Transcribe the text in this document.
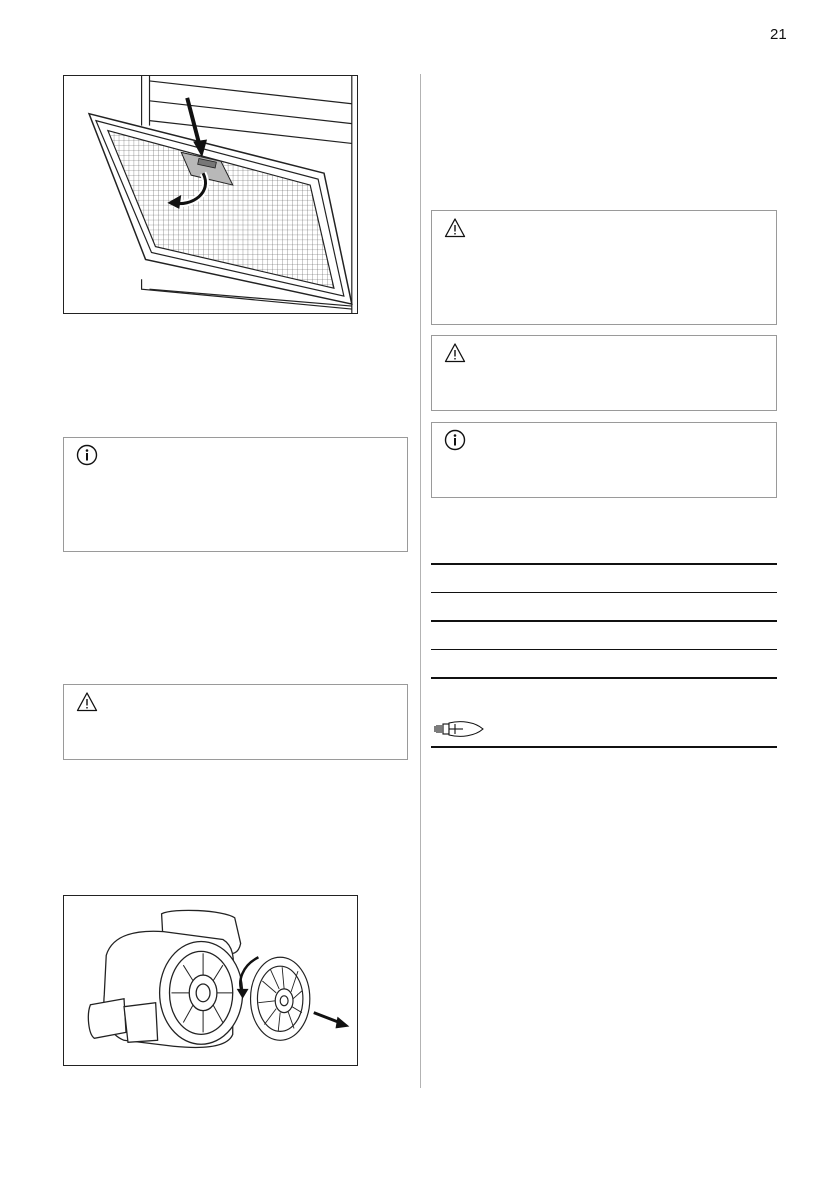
21
